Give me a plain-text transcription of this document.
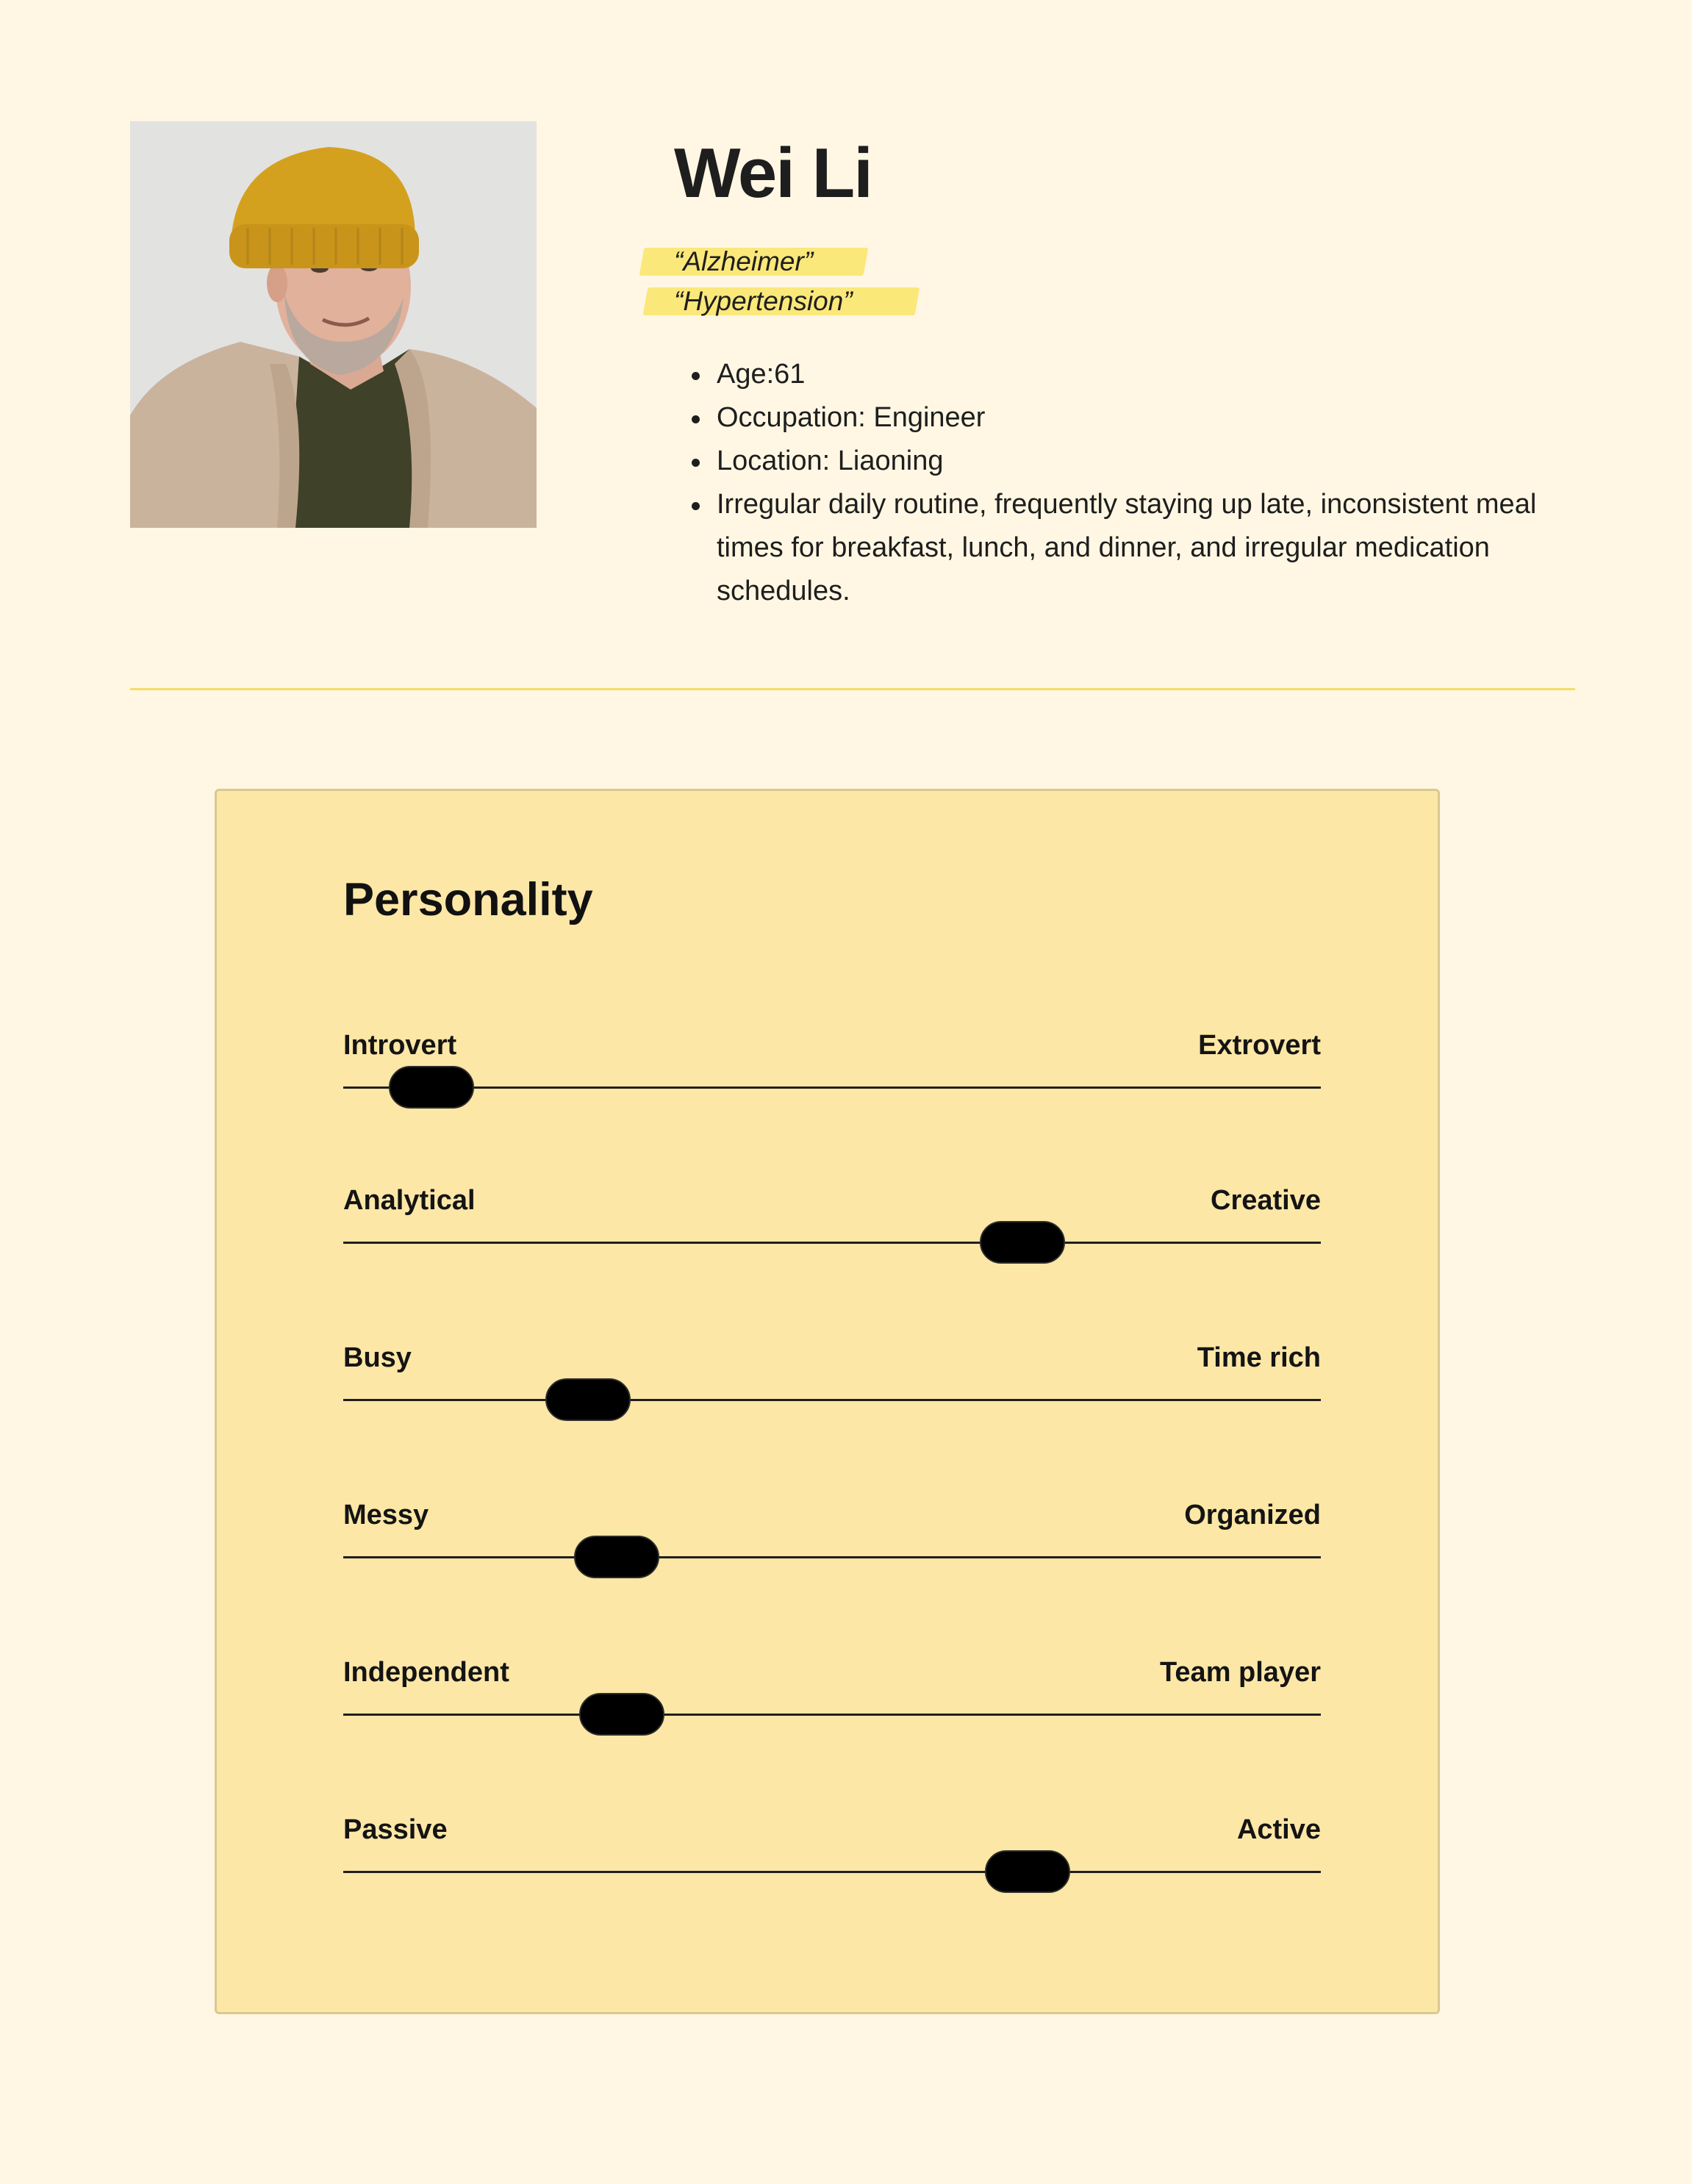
Wei Li
“Alzheimer”
“Hypertension”
Age:61
Occupation: Engineer
Location: Liaoning
Irregular daily routine, frequently staying up late, inconsistent meal times for breakfast, lunch, and dinner, and irregular medication schedules.
Personality
Introvert	Extrovert
Analytical	Creative
Busy	Time rich
Messy	Organized
Independent	Team player
Passive	Active
